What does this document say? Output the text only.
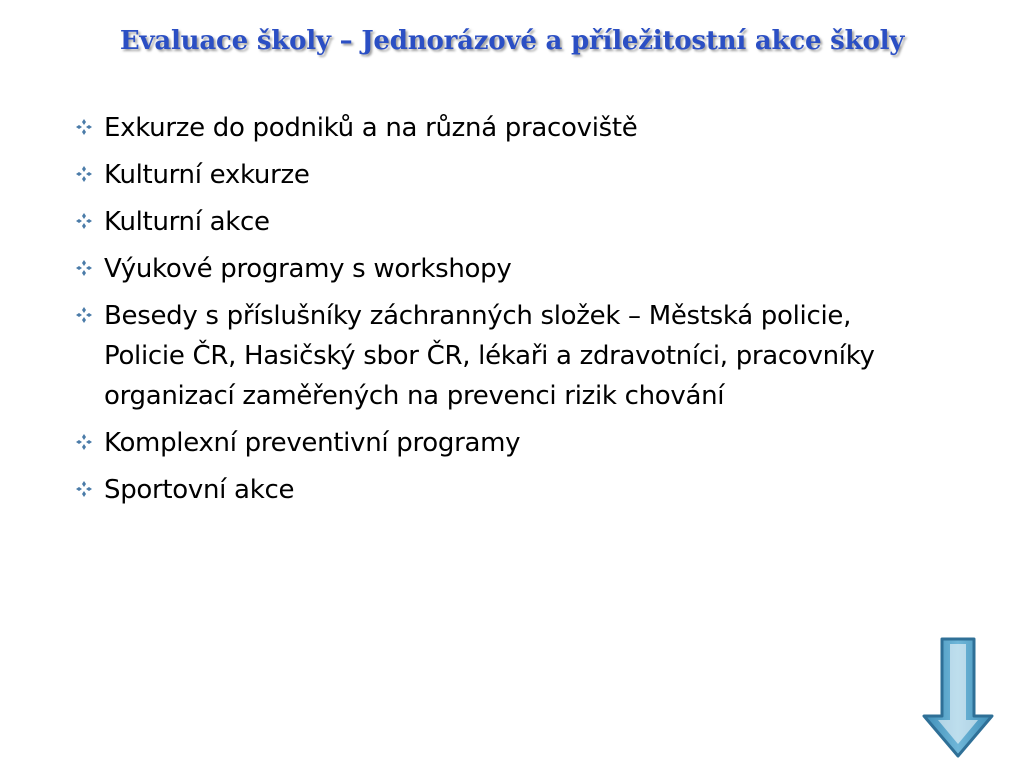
Evaluace školy – Jednorázové a příležitostní akce školy
Exkurze do podniků a na různá pracoviště
Kulturní exkurze
Kulturní akce
Výukové programy s workshopy
Besedy s příslušníky záchranných složek – Městská policie, Policie ČR, Hasičský sbor ČR, lékaři a zdravotníci, pracovníky organizací zaměřených na prevenci rizik chování
Komplexní preventivní programy
Sportovní akce
